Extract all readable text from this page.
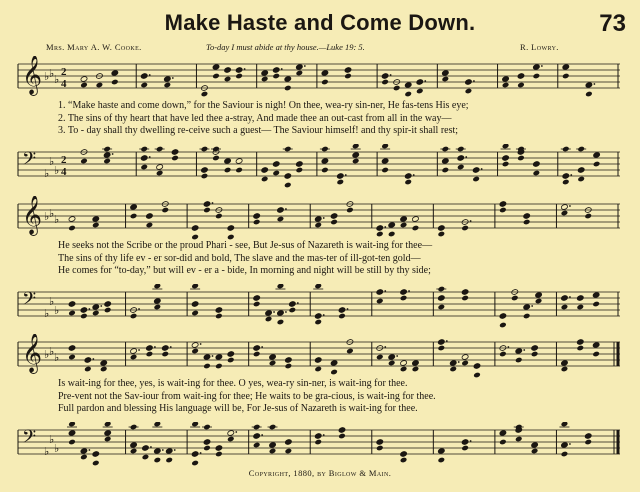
Make Haste and Come Down.	73
Mrs. Mary A. W. Cooke.	To-day I must abide at thy house.—Luke 19: 5.	R. Lowry.
𝄞 ♭ ♭ ♭
2
4
1. “Make haste and come down,” for the Saviour is nigh! On thee, wea-ry sin-ner, He fas-tens His eye;
2. The sins of thy heart that have led thee a-stray, And made thee an out-cast from all in the way—
3. To - day shall thy dwelling re-ceive such a guest— The Saviour himself! and thy spir-it shall rest;
𝄢 ♭
♭
♭
2
4
𝄞 ♭ ♭ ♭
He seeks not the Scribe or the proud Phari - see, But Je-sus of Nazareth is wait-ing for thee—
The sins of thy life ev - er sor-did and bold, The slave and the mas-ter of ill-got-ten gold—
He comes for “to-day,” but will ev - er a - bide, In morning and night will be still by thy side;
𝄢 ♭
♭
♭
𝄞 ♭ ♭ ♭
Is wait-ing for thee, yes, is wait-ing for thee. O yes, wea-ry sin-ner, is wait-ing for thee.
Pre-vent not the Sav-iour from wait-ing for thee; He waits to be gra-cious, is wait-ing for thee.
Full pardon and blessing His language will be, For Je-sus of Nazareth is wait-ing for thee.
𝄢 ♭
♭
♭
Copyright, 1880, by Biglow & Main.
